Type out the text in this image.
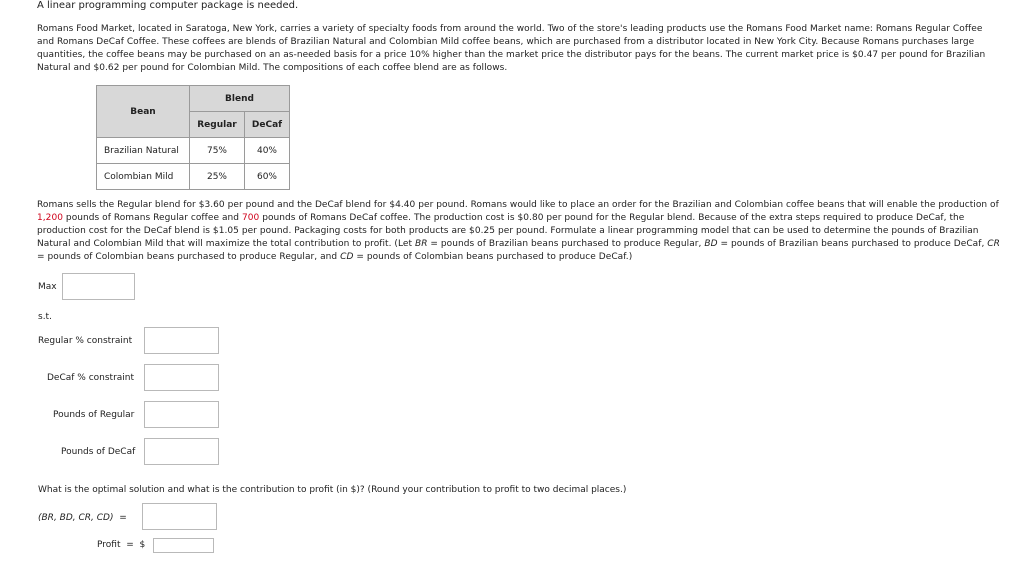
A linear programming computer package is needed.
Romans Food Market, located in Saratoga, New York, carries a variety of specialty foods from around the world. Two of the store's leading products use the Romans Food Market name: Romans Regular Coffee and Romans DeCaf Coffee. These coffees are blends of Brazilian Natural and Colombian Mild coffee beans, which are purchased from a distributor located in New York City. Because Romans purchases large quantities, the coffee beans may be purchased on an as-needed basis for a price 10% higher than the market price the distributor pays for the beans. The current market price is $0.47 per pound for Brazilian Natural and $0.62 per pound for Colombian Mild. The compositions of each coffee blend are as follows.
Bean	Blend	
	Regular	DeCaf
Brazilian Natural	75%	40%
Colombian Mild	25%	60%
Romans sells the Regular blend for $3.60 per pound and the DeCaf blend for $4.40 per pound. Romans would like to place an order for the Brazilian and Colombian coffee beans that will enable the production of 1,200 pounds of Romans Regular coffee and 700 pounds of Romans DeCaf coffee. The production cost is $0.80 per pound for the Regular blend. Because of the extra steps required to produce DeCaf, the production cost for the DeCaf blend is $1.05 per pound. Packaging costs for both products are $0.25 per pound. Formulate a linear programming model that can be used to determine the pounds of Brazilian Natural and Colombian Mild that will maximize the total contribution to profit. (Let BR = pounds of Brazilian beans purchased to produce Regular, BD = pounds of Brazilian beans purchased to produce DeCaf, CR = pounds of Colombian beans purchased to produce Regular, and CD = pounds of Colombian beans purchased to produce DeCaf.)
Max
s.t.
Regular % constraint
DeCaf % constraint
Pounds of Regular
Pounds of DeCaf
What is the optimal solution and what is the contribution to profit (in $)? (Round your contribution to profit to two decimal places.)
(BR, BD, CR, CD) =
Profit = $
